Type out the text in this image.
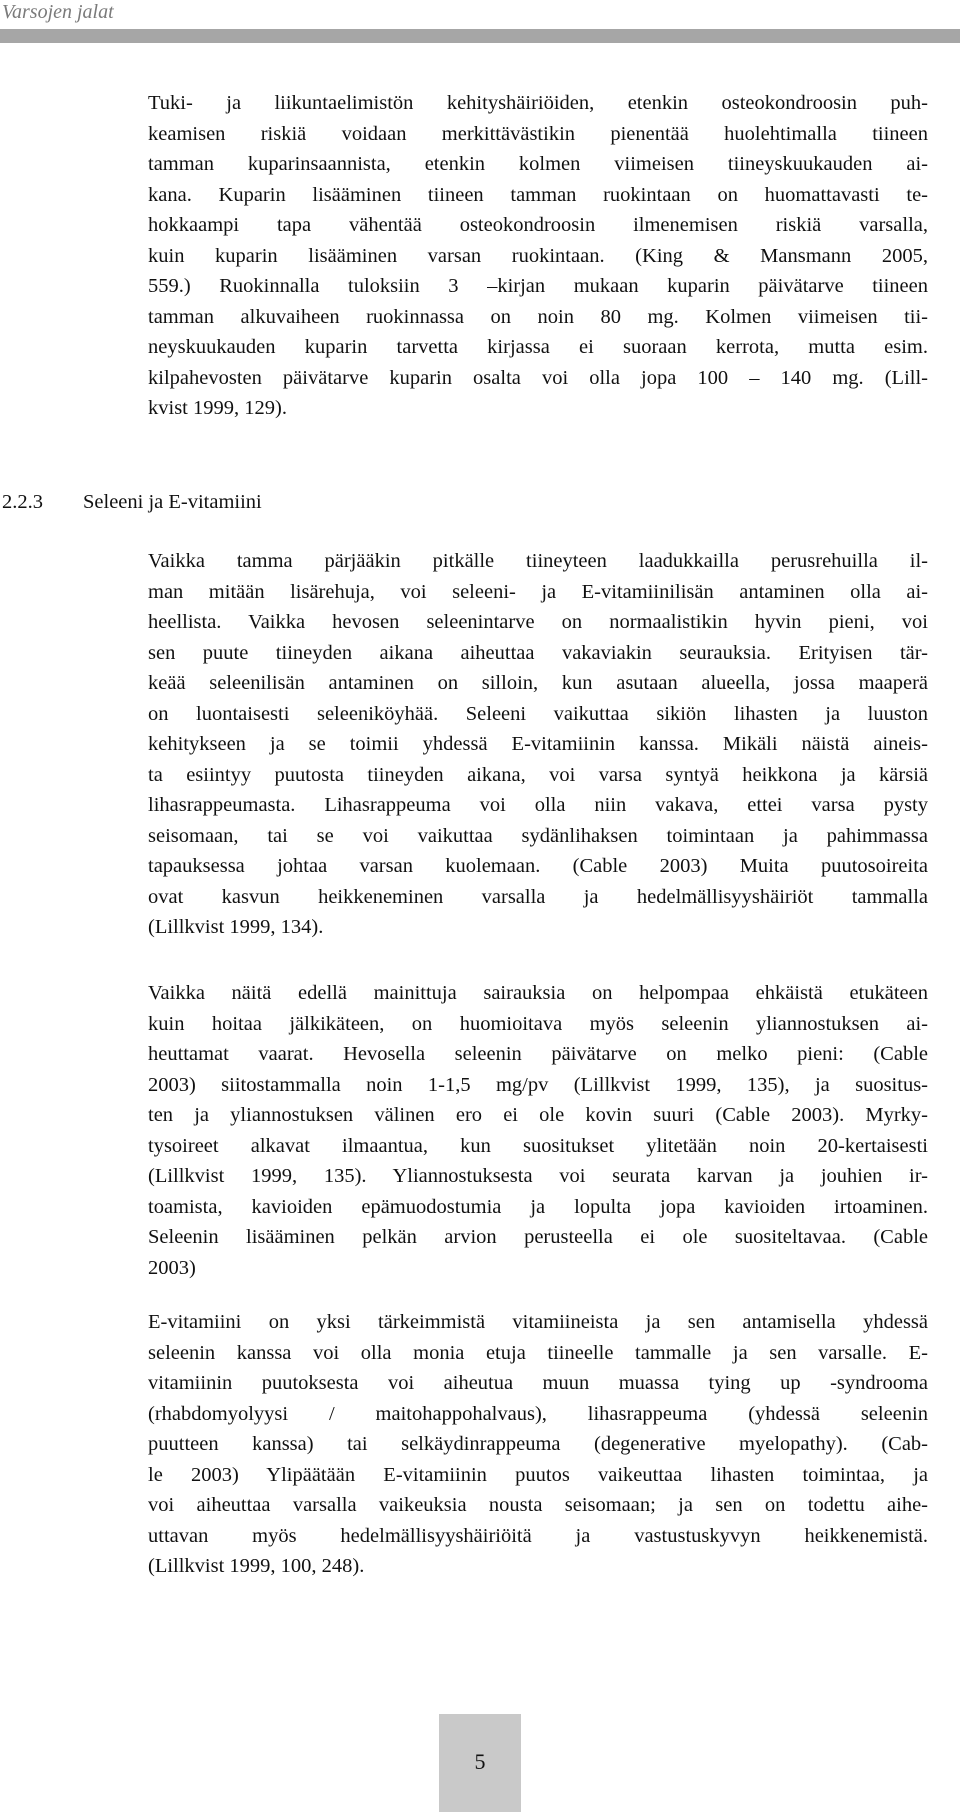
Varsojen jalat
Tuki- ja liikuntaelimistön kehityshäiriöiden, etenkin osteokondroosin puh-
keamisen riskiä voidaan merkittävästikin pienentää huolehtimalla tiineen
tamman kuparinsaannista, etenkin kolmen viimeisen tiineyskuukauden ai-
kana. Kuparin lisääminen tiineen tamman ruokintaan on huomattavasti te-
hokkaampi tapa vähentää osteokondroosin ilmenemisen riskiä varsalla,
kuin kuparin lisääminen varsan ruokintaan. (King & Mansmann 2005,
559.) Ruokinnalla tuloksiin 3 –kirjan mukaan kuparin päivätarve tiineen
tamman alkuvaiheen ruokinnassa on noin 80 mg. Kolmen viimeisen tii-
neyskuukauden kuparin tarvetta kirjassa ei suoraan kerrota, mutta esim.
kilpahevosten päivätarve kuparin osalta voi olla jopa 100 – 140 mg. (Lill-
kvist 1999, 129).
2.2.3 Seleeni ja E-vitamiini
Vaikka tamma pärjääkin pitkälle tiineyteen laadukkailla perusrehuilla il-
man mitään lisärehuja, voi seleeni- ja E-vitamiinilisän antaminen olla ai-
heellista. Vaikka hevosen seleenintarve on normaalistikin hyvin pieni, voi
sen puute tiineyden aikana aiheuttaa vakaviakin seurauksia. Erityisen tär-
keää seleenilisän antaminen on silloin, kun asutaan alueella, jossa maaperä
on luontaisesti seleeniköyhää. Seleeni vaikuttaa sikiön lihasten ja luuston
kehitykseen ja se toimii yhdessä E-vitamiinin kanssa. Mikäli näistä aineis-
ta esiintyy puutosta tiineyden aikana, voi varsa syntyä heikkona ja kärsiä
lihasrappeumasta. Lihasrappeuma voi olla niin vakava, ettei varsa pysty
seisomaan, tai se voi vaikuttaa sydänlihaksen toimintaan ja pahimmassa
tapauksessa johtaa varsan kuolemaan. (Cable 2003) Muita puutosoireita
ovat kasvun heikkeneminen varsalla ja hedelmällisyyshäiriöt tammalla
(Lillkvist 1999, 134).
Vaikka näitä edellä mainittuja sairauksia on helpompaa ehkäistä etukäteen
kuin hoitaa jälkikäteen, on huomioitava myös seleenin yliannostuksen ai-
heuttamat vaarat. Hevosella seleenin päivätarve on melko pieni: (Cable
2003) siitostammalla noin 1-1,5 mg/pv (Lillkvist 1999, 135), ja suositus-
ten ja yliannostuksen välinen ero ei ole kovin suuri (Cable 2003). Myrky-
tysoireet alkavat ilmaantua, kun suositukset ylitetään noin 20-kertaisesti
(Lillkvist 1999, 135). Yliannostuksesta voi seurata karvan ja jouhien ir-
toamista, kavioiden epämuodostumia ja lopulta jopa kavioiden irtoaminen.
Seleenin lisääminen pelkän arvion perusteella ei ole suositeltavaa. (Cable
2003)
E-vitamiini on yksi tärkeimmistä vitamiineista ja sen antamisella yhdessä
seleenin kanssa voi olla monia etuja tiineelle tammalle ja sen varsalle. E-
vitamiinin puutoksesta voi aiheutua muun muassa tying up -syndrooma
(rhabdomyolyysi / maitohappohalvaus), lihasrappeuma (yhdessä seleenin
puutteen kanssa) tai selkäydinrappeuma (degenerative myelopathy). (Cab-
le 2003) Ylipäätään E-vitamiinin puutos vaikeuttaa lihasten toimintaa, ja
voi aiheuttaa varsalla vaikeuksia nousta seisomaan; ja sen on todettu aihe-
uttavan myös hedelmällisyyshäiriöitä ja vastustuskyvyn heikkenemistä.
(Lillkvist 1999, 100, 248).
5
